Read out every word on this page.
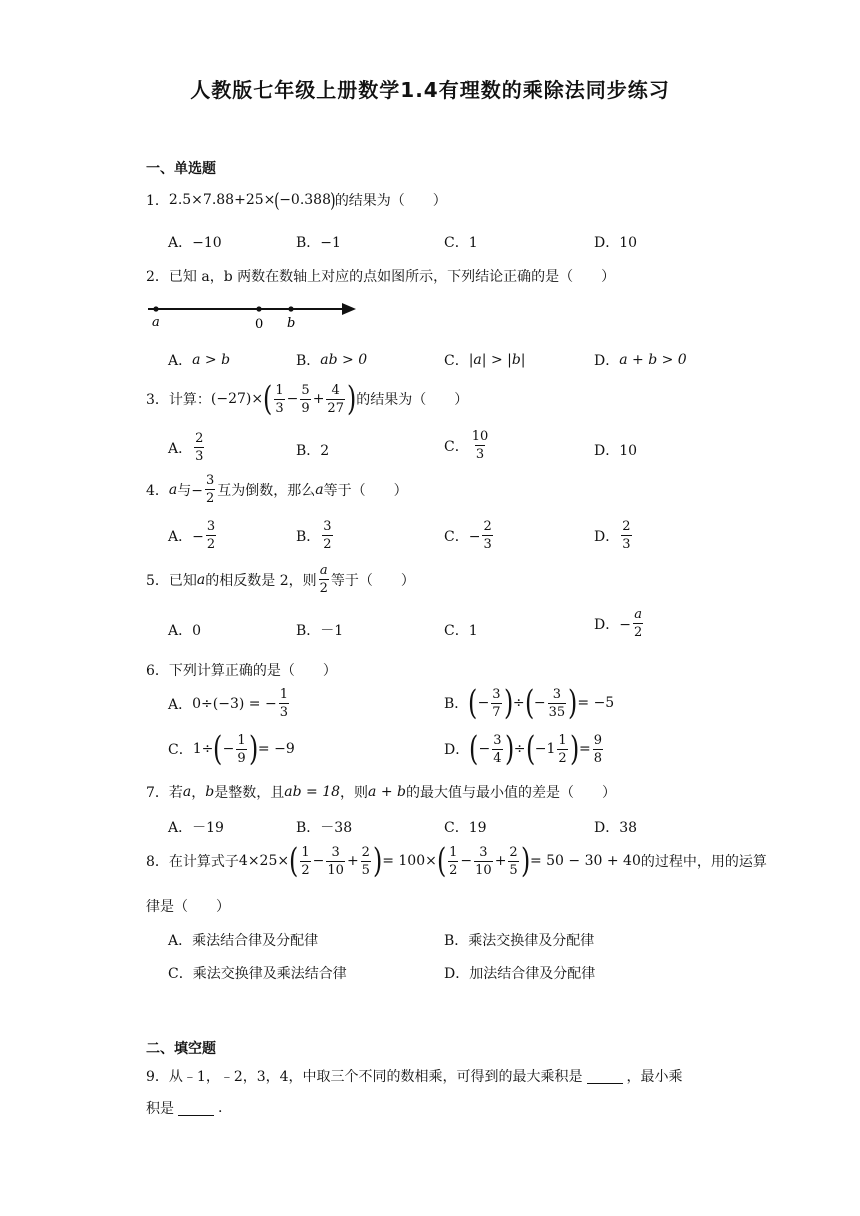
人教版七年级上册数学1.4有理数的乘除法同步练习
一、单选题
1． 2.5×7.88+25× ( −0.388 ) 的结果为（　　）
A．−10	B．−1	C．1	D．10
2．已知 a，b 两数在数轴上对应的点如图所示，下列结论正确的是（　　）
a	0 b
A． a > b	B． ab > 0	C． |a| > |b|	D． a + b > 0
3．计算： (−27)× ( $\frac{1}{3} - \frac{5}{9} + \frac{4}{27}$ ) 的结果为（　　）
A． $\frac{2}{3}$	B．2	C． $\frac{10}{3}$	D．10
4． a 与− $\frac{3}{2}$ 互为倒数，那么 a 等于（　　）
A．− $\frac{3}{2}$	B． $\frac{3}{2}$	C．− $\frac{2}{3}$	D． $\frac{2}{3}$
5．已知 a 的相反数是 2，则 $\frac{a}{2}$ 等于（　　）
A．0	B．－1	C．1	D．− $\frac{a}{2}$
6．下列计算正确的是（　　）
A． 0÷(−3) = − $\frac{1}{3}$	B． ( − $\frac{3}{7}$ ) ÷ ( − $\frac{3}{35}$ ) = −5
C． 1÷ ( − $\frac{1}{9}$ ) = −9	D． ( − $\frac{3}{4}$ ) ÷ ( $-1 \frac{1}{2}$ ) = $\frac{9}{8}$
7．若 a ， b 是整数，且 ab = 18 ，则 a + b 的最大值与最小值的差是（　　）
A．－19	B．－38	C．19	D．38
8．在计算式子 4×25× ( $\frac{1}{2} - \frac{3}{10} + \frac{2}{5}$ ) = 100× ( $\frac{1}{2} - \frac{3}{10} + \frac{2}{5}$ ) = 50 − 30 + 40 的过程中，用的运算
律是（　　）
A．乘法结合律及分配律	B．乘法交换律及分配律
C．乘法交换律及乘法结合律	D．加法结合律及分配律
二、填空题
9．从﹣1，﹣2，3，4，中取三个不同的数相乘，可得到的最大乘积是	，最小乘
积是	.
